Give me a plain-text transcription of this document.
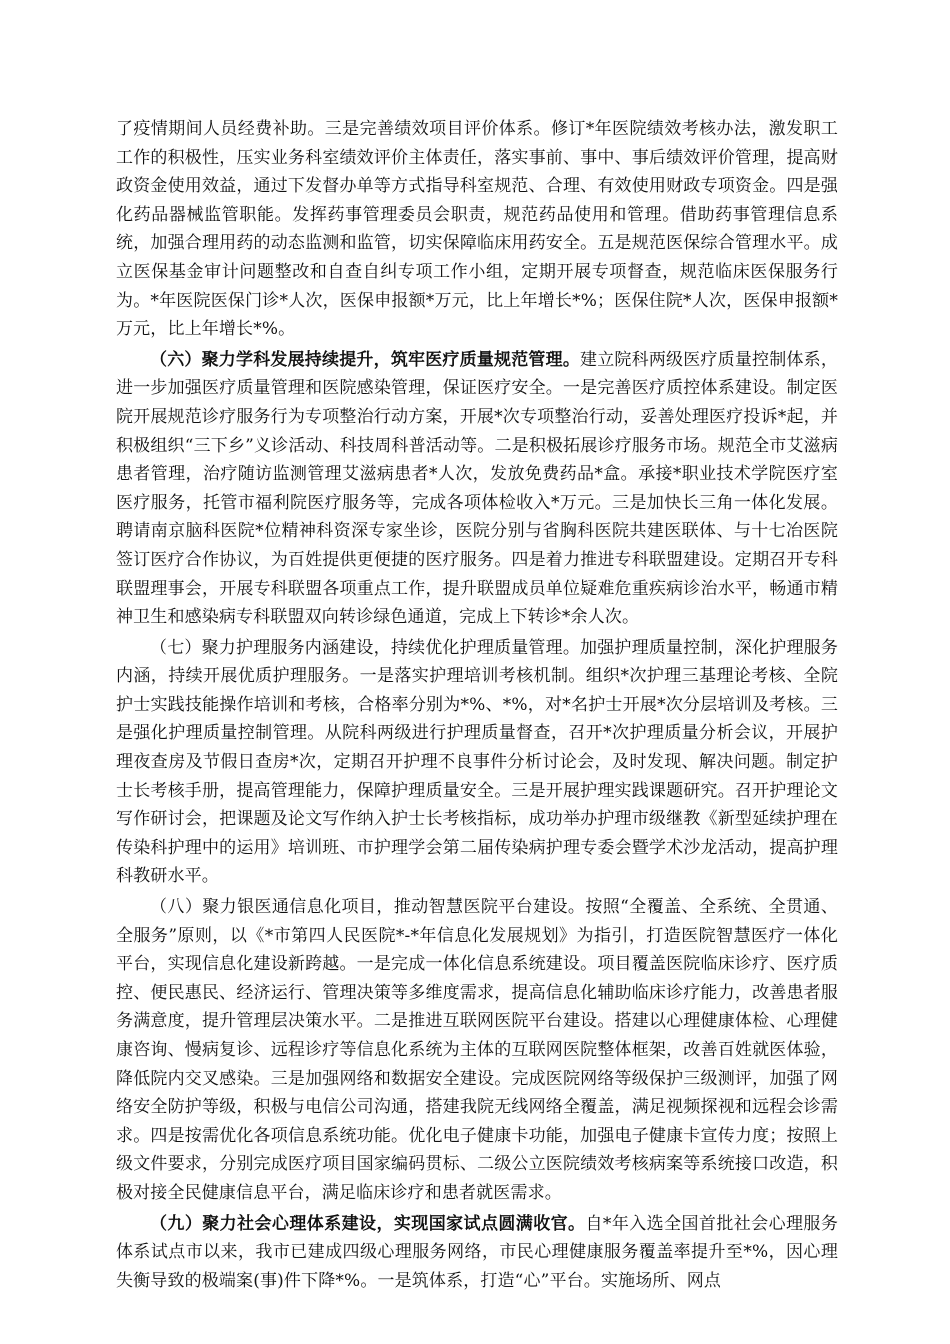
了疫情期间人员经费补助。三是完善绩效项目评价体系。修订*年医院绩效考核办法，激发职工工作的积极性，压实业务科室绩效评价主体责任，落实事前、事中、事后绩效评价管理，提高财政资金使用效益，通过下发督办单等方式指导科室规范、合理、有效使用财政专项资金。四是强化药品器械监管职能。发挥药事管理委员会职责，规范药品使用和管理。借助药事管理信息系统，加强合理用药的动态监测和监管，切实保障临床用药安全。五是规范医保综合管理水平。成立医保基金审计问题整改和自查自纠专项工作小组，定期开展专项督查，规范临床医保服务行为。*年医院医保门诊*人次，医保申报额*万元，比上年增长*%；医保住院*人次，医保申报额*万元，比上年增长*%。

（六）聚力学科发展持续提升，筑牢医疗质量规范管理。建立院科两级医疗质量控制体系，进一步加强医疗质量管理和医院感染管理，保证医疗安全。一是完善医疗质控体系建设。制定医院开展规范诊疗服务行为专项整治行动方案，开展*次专项整治行动，妥善处理医疗投诉*起，并积极组织“三下乡”义诊活动、科技周科普活动等。二是积极拓展诊疗服务市场。规范全市艾滋病患者管理，治疗随访监测管理艾滋病患者*人次，发放免费药品*盒。承接*职业技术学院医疗室医疗服务，托管市福利院医疗服务等，完成各项体检收入*万元。三是加快长三角一体化发展。聘请南京脑科医院*位精神科资深专家坐诊，医院分别与省胸科医院共建医联体、与十七冶医院签订医疗合作协议，为百姓提供更便捷的医疗服务。四是着力推进专科联盟建设。定期召开专科联盟理事会，开展专科联盟各项重点工作，提升联盟成员单位疑难危重疾病诊治水平，畅通市精神卫生和感染病专科联盟双向转诊绿色通道，完成上下转诊*余人次。

（七）聚力护理服务内涵建设，持续优化护理质量管理。加强护理质量控制，深化护理服务内涵，持续开展优质护理服务。一是落实护理培训考核机制。组织*次护理三基理论考核、全院护士实践技能操作培训和考核，合格率分别为*%、*%，对*名护士开展*次分层培训及考核。三是强化护理质量控制管理。从院科两级进行护理质量督查，召开*次护理质量分析会议，开展护理夜查房及节假日查房*次，定期召开护理不良事件分析讨论会，及时发现、解决问题。制定护士长考核手册，提高管理能力，保障护理质量安全。三是开展护理实践课题研究。召开护理论文写作研讨会，把课题及论文写作纳入护士长考核指标，成功举办护理市级继教《新型延续护理在传染科护理中的运用》培训班、市护理学会第二届传染病护理专委会暨学术沙龙活动，提高护理科教研水平。

（八）聚力银医通信息化项目，推动智慧医院平台建设。按照“全覆盖、全系统、全贯通、全服务”原则，以《*市第四人民医院*-*年信息化发展规划》为指引，打造医院智慧医疗一体化平台，实现信息化建设新跨越。一是完成一体化信息系统建设。项目覆盖医院临床诊疗、医疗质控、便民惠民、经济运行、管理决策等多维度需求，提高信息化辅助临床诊疗能力，改善患者服务满意度，提升管理层决策水平。二是推进互联网医院平台建设。搭建以心理健康体检、心理健康咨询、慢病复诊、远程诊疗等信息化系统为主体的互联网医院整体框架，改善百姓就医体验，降低院内交叉感染。三是加强网络和数据安全建设。完成医院网络等级保护三级测评，加强了网络安全防护等级，积极与电信公司沟通，搭建我院无线网络全覆盖，满足视频探视和远程会诊需求。四是按需优化各项信息系统功能。优化电子健康卡功能，加强电子健康卡宣传力度；按照上级文件要求，分别完成医疗项目国家编码贯标、二级公立医院绩效考核病案等系统接口改造，积极对接全民健康信息平台，满足临床诊疗和患者就医需求。

（九）聚力社会心理体系建设，实现国家试点圆满收官。自*年入选全国首批社会心理服务体系试点市以来，我市已建成四级心理服务网络，市民心理健康服务覆盖率提升至*%，因心理失衡导致的极端案(事)件下降*%。一是筑体系，打造“心”平台。实施场所、网点
